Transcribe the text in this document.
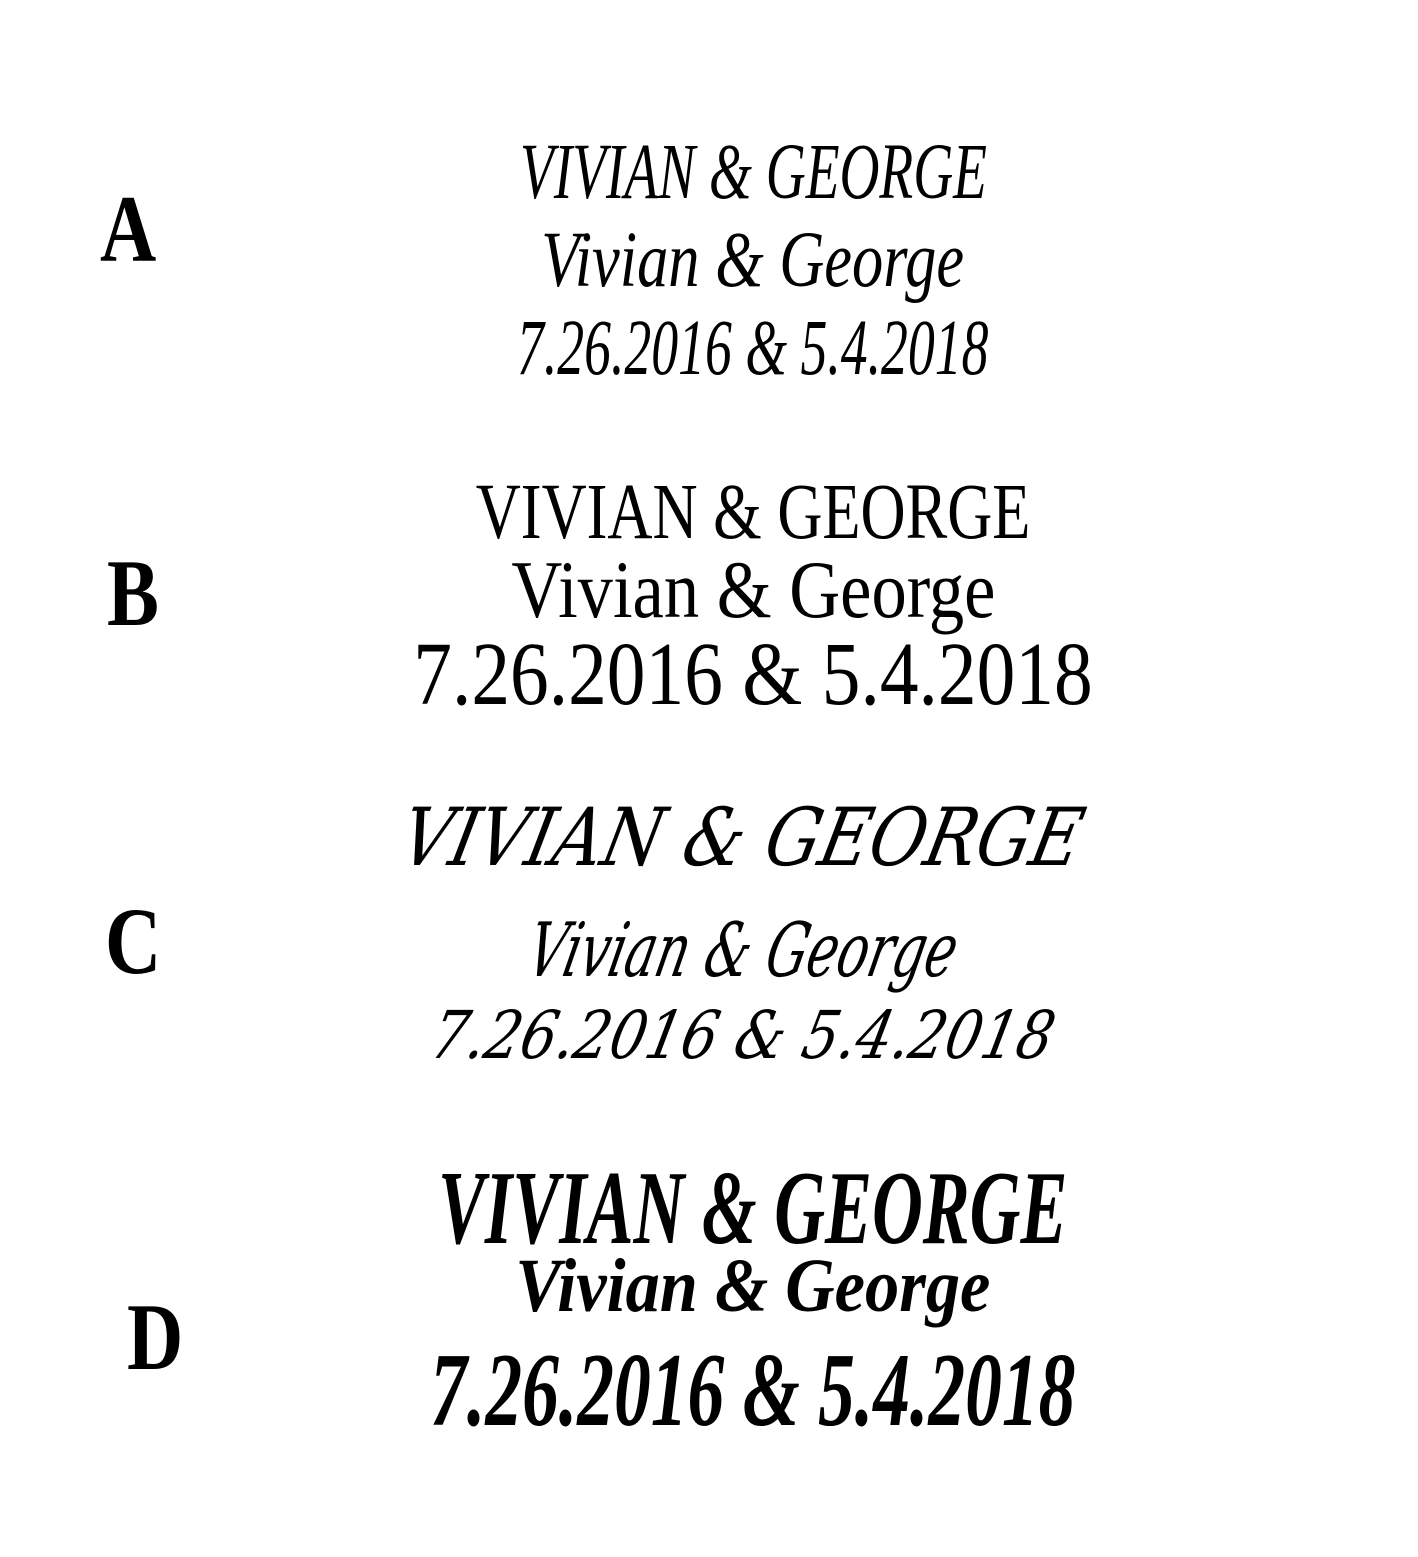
A
VIVIAN & GEORGE
Vivian & George
7.26.2016 & 5.4.2018
B
VIVIAN & GEORGE
Vivian & George
7.26.2016 & 5.4.2018
C
VIVIAN & GEORGE
Vivian & George
7.26.2016 & 5.4.2018
D
VIVIAN & GEORGE
Vivian & George
7.26.2016 & 5.4.2018
